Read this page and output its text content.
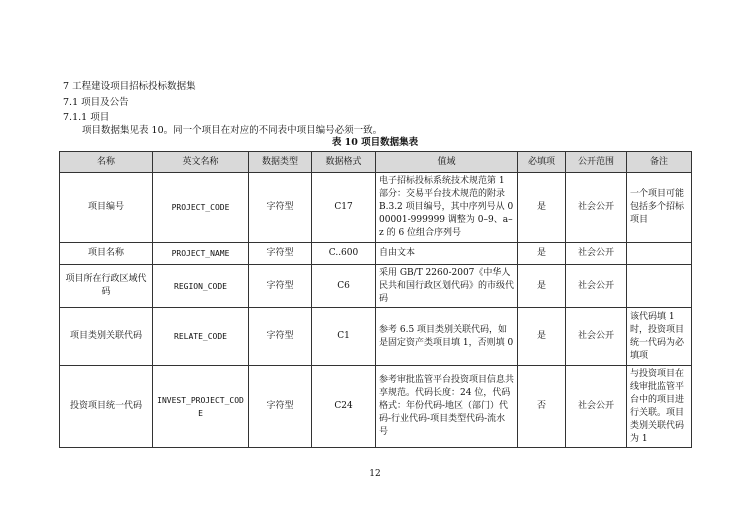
7 工程建设项目招标投标数据集
7.1 项目及公告
7.1.1 项目
项目数据集见表 10。同一个项目在对应的不同表中项目编号必须一致。
表 10 项目数据集表
名称	英文名称	数据类型	数据格式	值域	必填项	公开范围	备注
项目编号	PROJECT_CODE	字符型	C17	电子招标投标系统技术规范第 1 部分：交易平台技术规范的附录 B.3.2 项目编号，其中序列号从 000001-999999 调整为 0–9、a–z 的 6 位组合序列号	是	社会公开	一个项目可能包括多个招标项目
项目名称	PROJECT_NAME	字符型	C..600	自由文本	是	社会公开	
项目所在行政区域代码	REGION_CODE	字符型	C6	采用 GB/T 2260-2007《中华人民共和国行政区划代码》的市级代码	是	社会公开	
项目类别关联代码	RELATE_CODE	字符型	C1	参考 6.5 项目类别关联代码，如是固定资产类项目填 1，否则填 0	是	社会公开	该代码填 1 时，投资项目统一代码为必填项
投资项目统一代码	INVEST_PROJECT_CODE	字符型	C24	参考审批监管平台投资项目信息共享规范。代码长度：24 位，代码格式：年份代码-地区（部门）代码-行业代码-项目类型代码-流水号	否	社会公开	与投资项目在线审批监管平台中的项目进行关联。项目类别关联代码为 1
12
